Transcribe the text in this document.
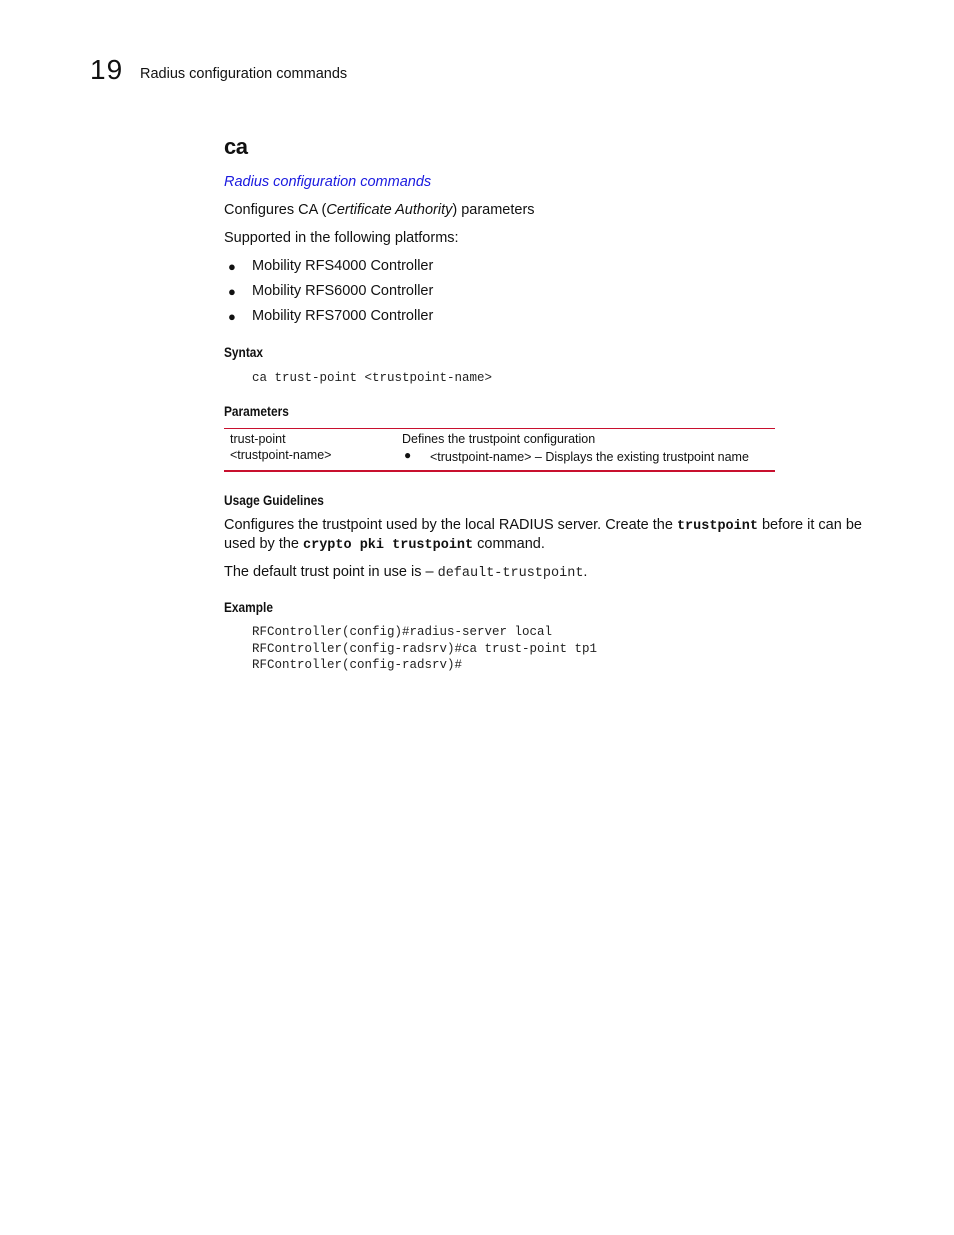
19 Radius configuration commands
ca
Radius configuration commands
Configures CA (Certificate Authority) parameters
Supported in the following platforms:
● Mobility RFS4000 Controller
● Mobility RFS6000 Controller
● Mobility RFS7000 Controller
Syntax
ca trust-point <trustpoint-name>
Parameters
trust-point
<trustpoint-name>
Defines the trustpoint configuration
● <trustpoint-name> – Displays the existing trustpoint name
Usage Guidelines
Configures the trustpoint used by the local RADIUS server. Create the trustpoint before it can be
used by the crypto pki trustpoint command.
The default trust point in use is – default-trustpoint.
Example
RFController(config)#radius-server local
RFController(config-radsrv)#ca trust-point tp1
RFController(config-radsrv)#
